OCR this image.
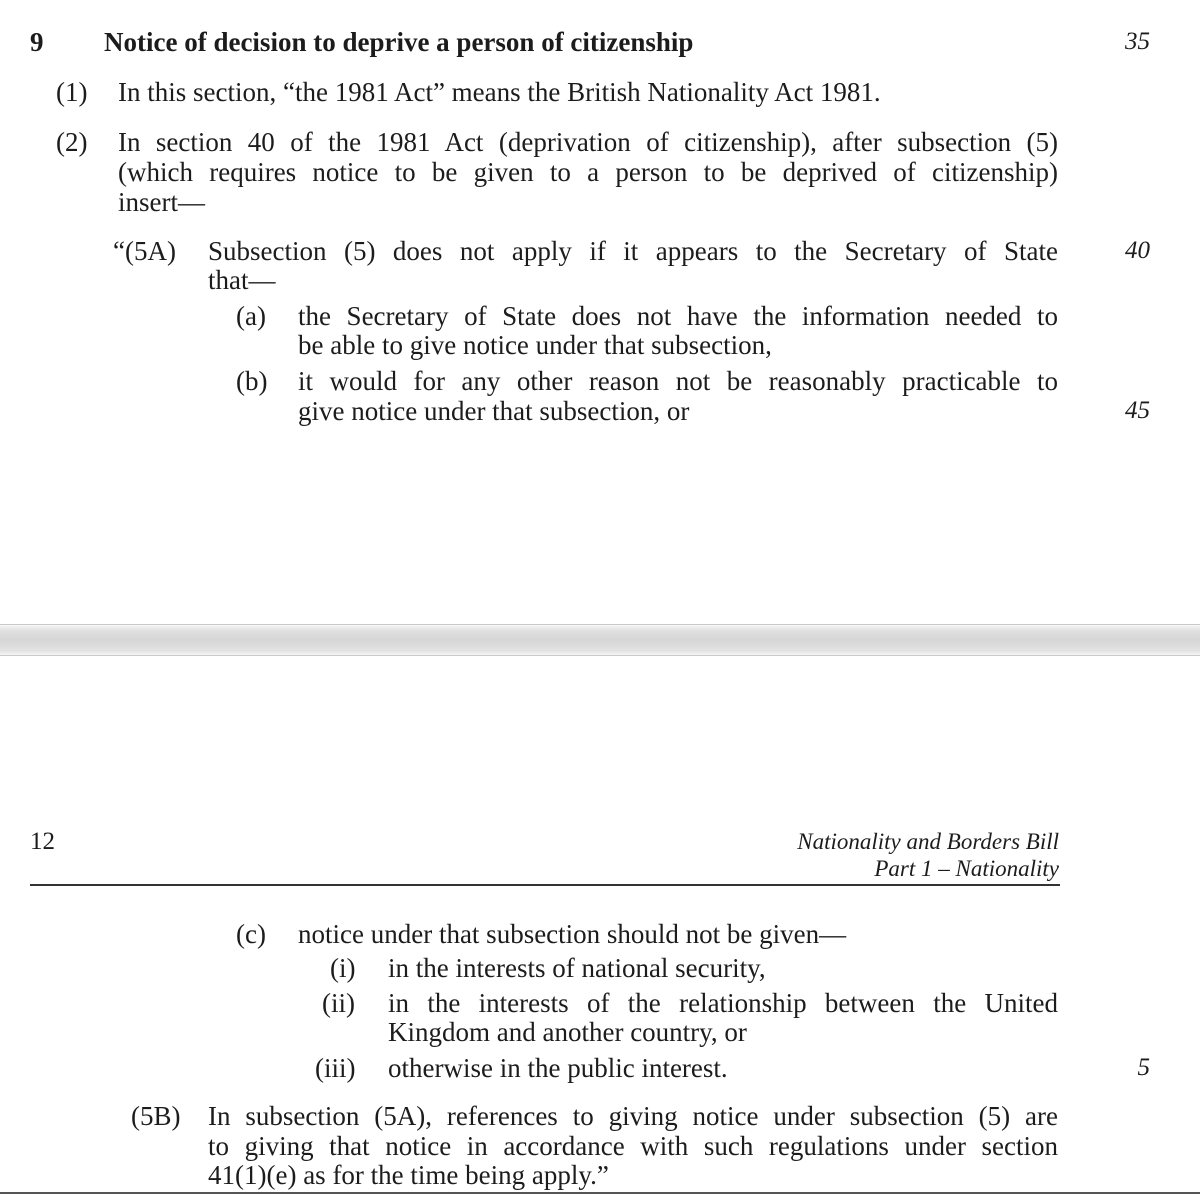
9 Notice of decision to deprive a person of citizenship	35
(1) In this section, “the 1981 Act” means the British Nationality Act 1981.
(2) In section 40 of the 1981 Act (deprivation of citizenship), after subsection (5)
(which requires notice to be given to a person to be deprived of citizenship)
insert—
“(5A) Subsection (5) does not apply if it appears to the Secretary of State
that—
40
(a) the Secretary of State does not have the information needed to
be able to give notice under that subsection,
(b) it would for any other reason not be reasonably practicable to
give notice under that subsection, or	45
12	Nationality and Borders Bill
Part 1 – Nationality
(c) notice under that subsection should not be given—
(i) in the interests of national security,
(ii) in the interests of the relationship between the United
Kingdom and another country, or
(iii) otherwise in the public interest.	5
(5B) In subsection (5A), references to giving notice under subsection (5) are
to giving that notice in accordance with such regulations under section
41(1)(e) as for the time being apply.”
